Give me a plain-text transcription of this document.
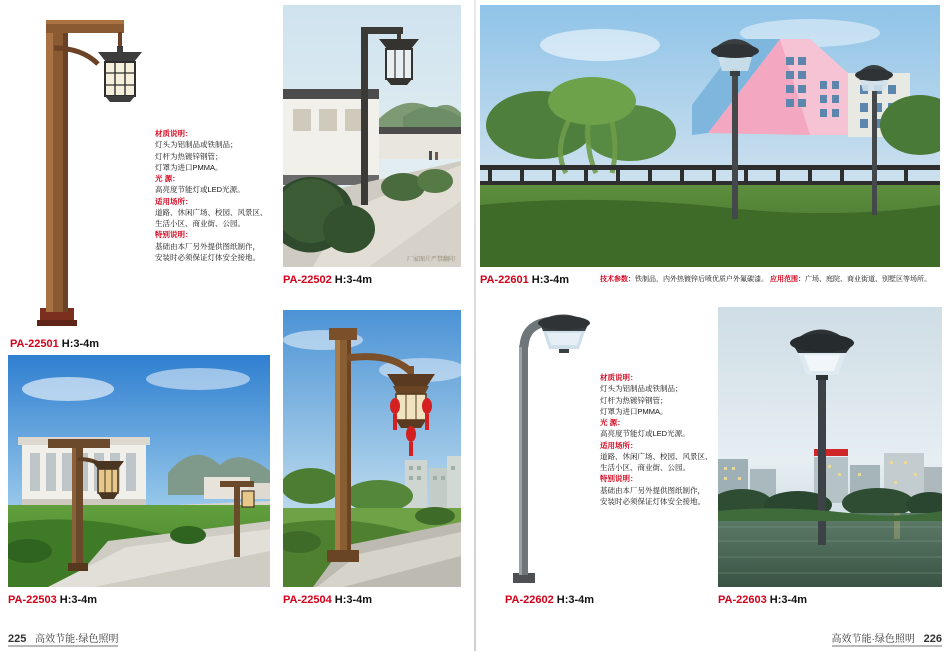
材质说明：
灯头为铝制品或铁制品；
灯杆为热镀锌钢管；
灯罩为进口PMMA。
光 源：
高亮度节能灯或LED光源。
适用场所：
道路、休闲广场、校园、风景区、
生活小区、商业街、公园。
特别说明：
基础由本厂另外提供图纸制作，
安装时必须保证灯体安全接地。
PA-22501 H:3-4m
厂家图片严禁翻印
PA-22502 H:3-4m	PA-22601 H:3-4m	技术参数：铁制品，内外热镀锌后喷优质户外氟碳漆。 应用范围：广场、庭院、商业街道、别墅区等场所。
PA-22503 H:3-4m	PA-22504 H:3-4m
材质说明：
灯头为铝制品或铁制品；
灯杆为热镀锌钢管；
灯罩为进口PMMA。
光 源：
高亮度节能灯或LED光源。
适用场所：
道路、休闲广场、校园、风景区、
生活小区、商业街、公园。
特别说明：
基础由本厂另外提供图纸制作，
安装时必须保证灯体安全接地。
PA-22602 H:3-4m	PA-22603 H:3-4m
225 高效节能·绿色照明	高效节能·绿色照明 226
